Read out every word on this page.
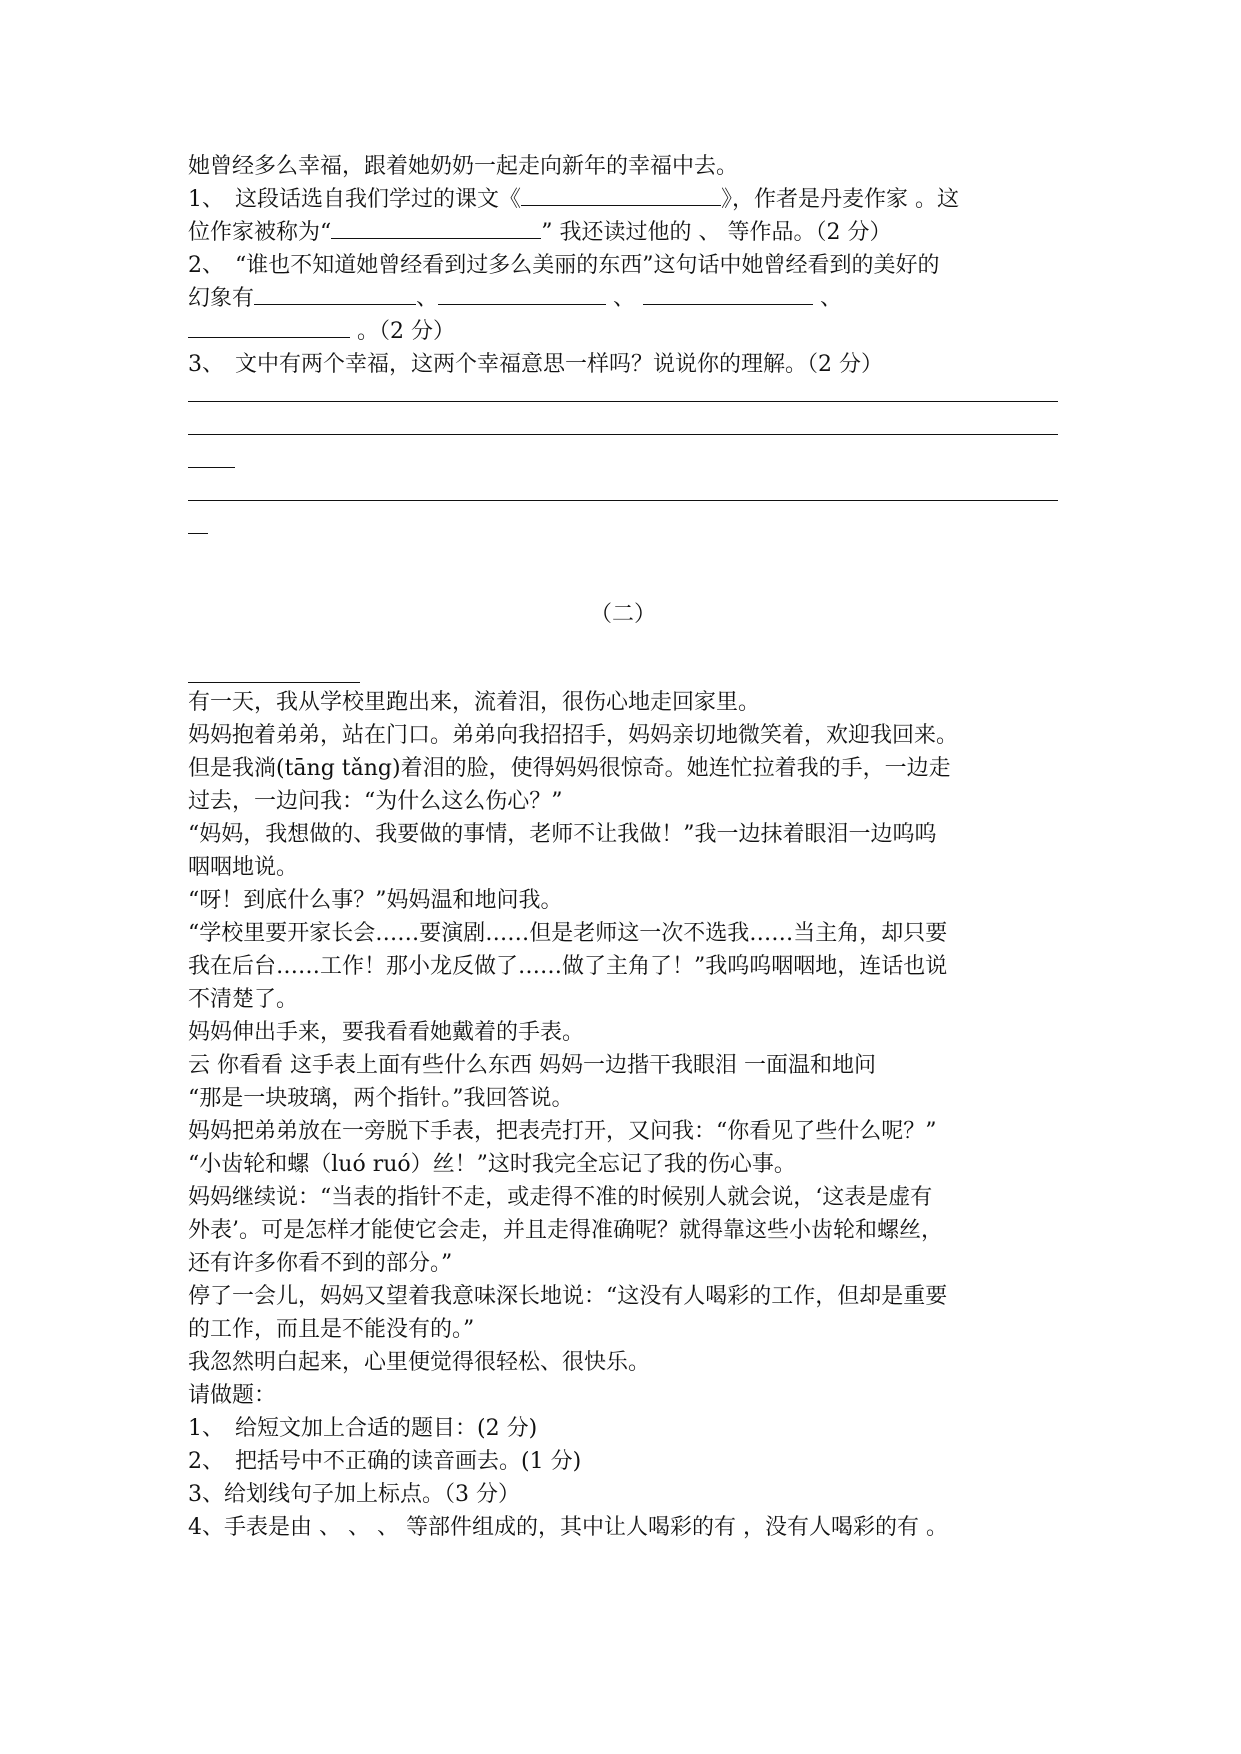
她曾经多么幸福，跟着她奶奶一起走向新年的幸福中去。
1、　这段话选自我们学过的课文《	》，作者是丹麦作家 。这
位作家被称为“	” 我还读过他的 、 等作品。（2 分）
2、　“谁也不知道她曾经看到过多么美丽的东西”这句话中她曾经看到的美好的
幻象有	、	、	、
。（2 分）
3、　文中有两个幸福，这两个幸福意思一样吗？说说你的理解。（2 分）
（二）
有一天，我从学校里跑出来，流着泪，很伤心地走回家里。
妈妈抱着弟弟，站在门口。弟弟向我招招手，妈妈亲切地微笑着，欢迎我回来。
但是我淌(tāng tǎng)着泪的脸，使得妈妈很惊奇。她连忙拉着我的手，一边走
过去，一边问我：“为什么这么伤心？”
“妈妈，我想做的、我要做的事情，老师不让我做！”我一边抹着眼泪一边呜呜
咽咽地说。
“呀！到底什么事？”妈妈温和地问我。
“学校里要开家长会……要演剧……但是老师这一次不选我……当主角，却只要
我在后台……工作！那小龙反做了……做了主角了！”我呜呜咽咽地，连话也说
不清楚了。
妈妈伸出手来，要我看看她戴着的手表。
云 你看看 这手表上面有些什么东西 妈妈一边揩干我眼泪 一面温和地问
“那是一块玻璃，两个指针。”我回答说。
妈妈把弟弟放在一旁脱下手表，把表壳打开，又问我：“你看见了些什么呢？”
“小齿轮和螺（luó ruó）丝！”这时我完全忘记了我的伤心事。
妈妈继续说：“当表的指针不走，或走得不准的时候别人就会说，‘这表是虚有
外表’。可是怎样才能使它会走，并且走得准确呢？就得靠这些小齿轮和螺丝，
还有许多你看不到的部分。”
停了一会儿，妈妈又望着我意味深长地说：“这没有人喝彩的工作，但却是重要
的工作，而且是不能没有的。”
我忽然明白起来，心里便觉得很轻松、很快乐。
请做题：
1、　给短文加上合适的题目：(2 分)
2、　把括号中不正确的读音画去。(1 分)
3、给划线句子加上标点。（3 分）
4、手表是由 、 、 、 等部件组成的，其中让人喝彩的有 ，没有人喝彩的有 。
